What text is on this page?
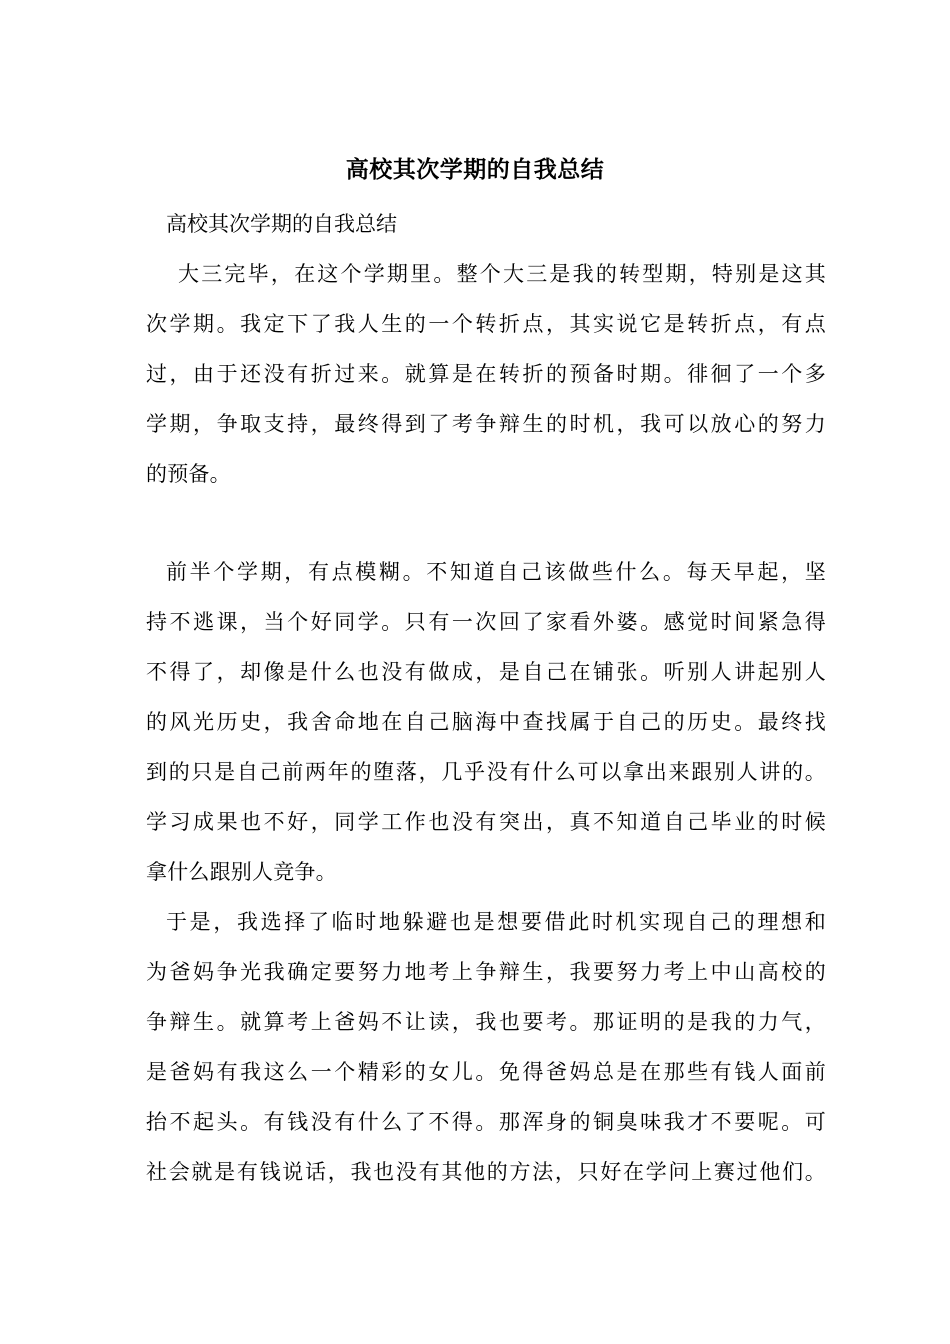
高校其次学期的自我总结
高校其次学期的自我总结
大三完毕，在这个学期里。整个大三是我的转型期，特别是这其
次学期。我定下了我人生的一个转折点，其实说它是转折点，有点
过，由于还没有折过来。就算是在转折的预备时期。徘徊了一个多
学期，争取支持，最终得到了考争辩生的时机，我可以放心的努力
的预备。
前半个学期，有点模糊。不知道自己该做些什么。每天早起，坚
持不逃课，当个好同学。只有一次回了家看外婆。感觉时间紧急得
不得了，却像是什么也没有做成，是自己在铺张。听别人讲起别人
的风光历史，我舍命地在自己脑海中查找属于自己的历史。最终找
到的只是自己前两年的堕落，几乎没有什么可以拿出来跟别人讲的。
学习成果也不好，同学工作也没有突出，真不知道自己毕业的时候
拿什么跟别人竞争。
于是，我选择了临时地躲避也是想要借此时机实现自己的理想和
为爸妈争光我确定要努力地考上争辩生，我要努力考上中山高校的
争辩生。就算考上爸妈不让读，我也要考。那证明的是我的力气，
是爸妈有我这么一个精彩的女儿。免得爸妈总是在那些有钱人面前
抬不起头。有钱没有什么了不得。那浑身的铜臭味我才不要呢。可
社会就是有钱说话，我也没有其他的方法，只好在学问上赛过他们。
